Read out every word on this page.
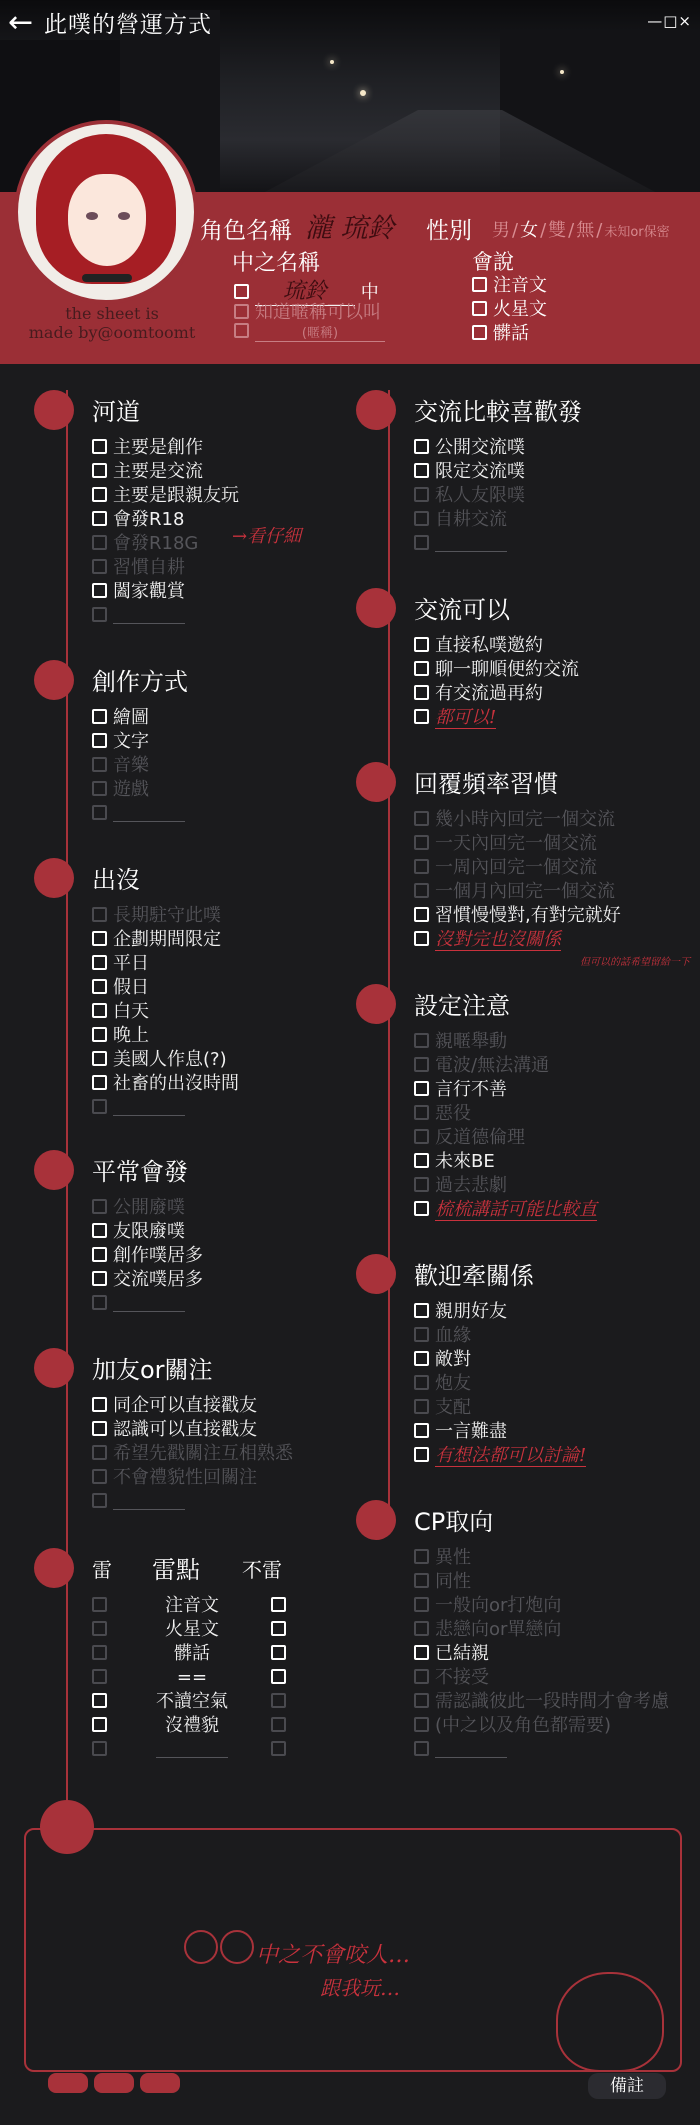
← 此噗的營運方式	—□×
the sheet is
made by@oomtoomt
角色名稱 瀧 琉鈴 性別 男 / 女 / 雙 / 無 / 未知or保密
中之名稱
琉鈴 中
知道暱稱可以叫
(暱稱)
會說
注音文
火星文
髒話
河道
主要是創作
主要是交流
主要是跟親友玩
會發R18
會發R18G
習慣自耕
闔家觀賞
→看仔細
創作方式
繪圖
文字
音樂
遊戲
出沒
長期駐守此噗
企劃期間限定
平日
假日
白天
晚上
美國人作息(?)
社畜的出沒時間
平常會發
公開廢噗
友限廢噗
創作噗居多
交流噗居多
加友or關注
同企可以直接戳友
認識可以直接戳友
希望先戳關注互相熟悉
不會禮貌性回關注
雷 雷點 不雷
注音文
火星文
髒話
==
不讀空氣
沒禮貌
交流比較喜歡發
公開交流噗
限定交流噗
私人友限噗
自耕交流
交流可以
直接私噗邀約
聊一聊順便約交流
有交流過再約
都可以!
回覆頻率習慣
幾小時內回完一個交流
一天內回完一個交流
一周內回完一個交流
一個月內回完一個交流
習慣慢慢對,有對完就好
沒對完也沒關係
但可以的話希望留給一下
設定注意
親暱舉動
電波/無法溝通
言行不善
惡役
反道德倫理
未來BE
過去悲劇
梳梳講話可能比較直
歡迎牽關係
親朋好友
血緣
敵對
炮友
支配
一言難盡
有想法都可以討論!
CP取向
異性
同性
一般向or打炮向
悲戀向or單戀向
已結親
不接受
需認識彼此一段時間才會考慮
(中之以及角色都需要)
中之不會咬人…
跟我玩…
備註
